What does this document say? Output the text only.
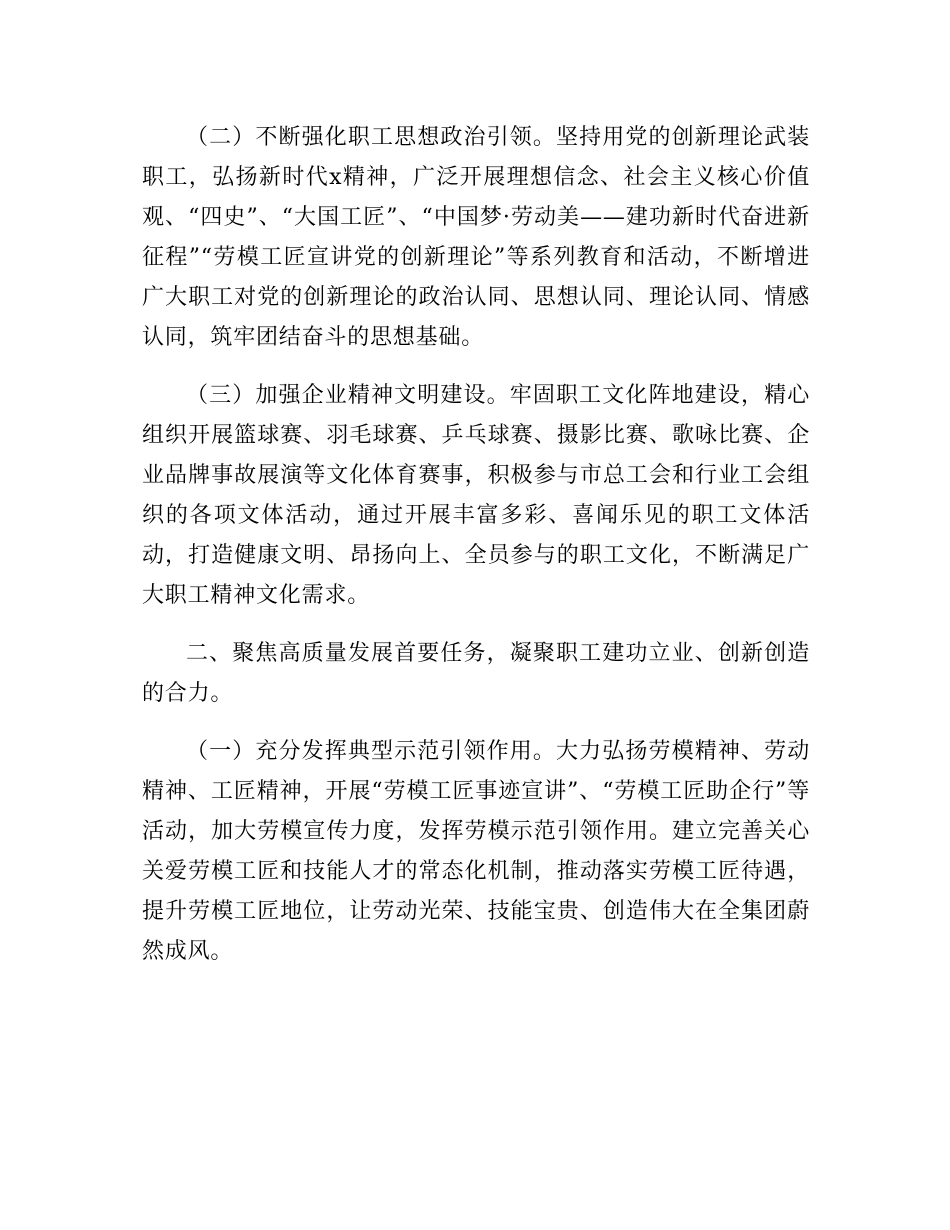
（二）不断强化职工思想政治引领。坚持用党的创新理论武装职工，弘扬新时代x精神，广泛开展理想信念、社会主义核心价值观、“四史”、“大国工匠”、“中国梦·劳动美——建功新时代奋进新征程”“劳模工匠宣讲党的创新理论”等系列教育和活动，不断增进广大职工对党的创新理论的政治认同、思想认同、理论认同、情感认同，筑牢团结奋斗的思想基础。

（三）加强企业精神文明建设。牢固职工文化阵地建设，精心组织开展篮球赛、羽毛球赛、乒乓球赛、摄影比赛、歌咏比赛、企业品牌事故展演等文化体育赛事，积极参与市总工会和行业工会组织的各项文体活动，通过开展丰富多彩、喜闻乐见的职工文体活动，打造健康文明、昂扬向上、全员参与的职工文化，不断满足广大职工精神文化需求。

二、聚焦高质量发展首要任务，凝聚职工建功立业、创新创造的合力。

（一）充分发挥典型示范引领作用。大力弘扬劳模精神、劳动精神、工匠精神，开展“劳模工匠事迹宣讲”、“劳模工匠助企行”等活动，加大劳模宣传力度，发挥劳模示范引领作用。建立完善关心关爱劳模工匠和技能人才的常态化机制，推动落实劳模工匠待遇，提升劳模工匠地位，让劳动光荣、技能宝贵、创造伟大在全集团蔚然成风。
